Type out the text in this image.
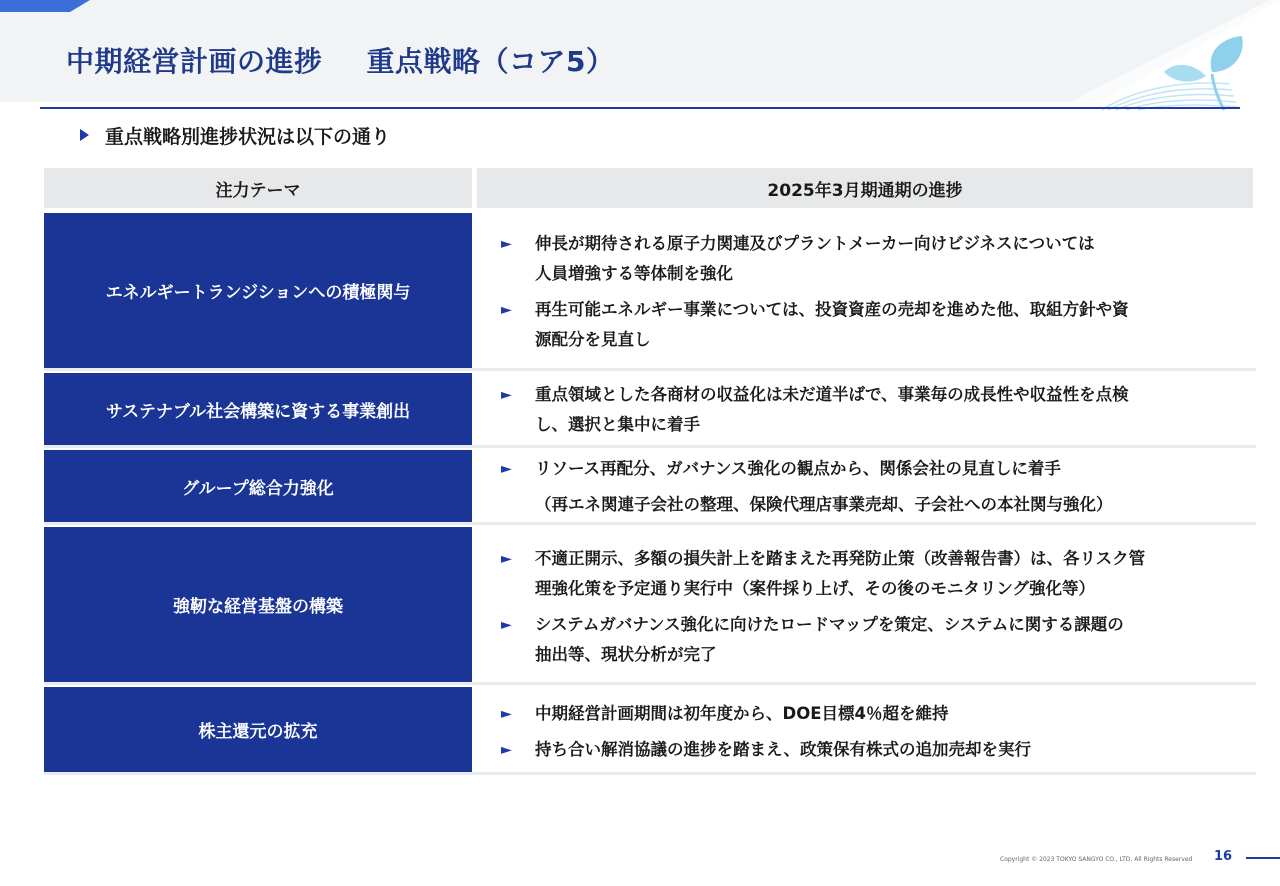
中期経営計画の進捗 重点戦略（コア5）
重点戦略別進捗状況は以下の通り
注力テーマ	2025年3月期通期の進捗
エネルギートランジションへの積極関与
►	伸長が期待される原子力関連及びプラントメーカー向けビジネスについては
人員増強する等体制を強化
►	再生可能エネルギー事業については、投資資産の売却を進めた他、取組方針や資
源配分を見直し
サステナブル社会構築に資する事業創出
►	重点領域とした各商材の収益化は未だ道半ばで、事業毎の成長性や収益性を点検
し、選択と集中に着手
グループ総合力強化
►	リソース再配分、ガバナンス強化の観点から、関係会社の見直しに着手
（再エネ関連子会社の整理、保険代理店事業売却、子会社への本社関与強化）
強靭な経営基盤の構築
►	不適正開示、多額の損失計上を踏まえた再発防止策（改善報告書）は、各リスク管
理強化策を予定通り実行中（案件採り上げ、その後のモニタリング強化等）
►	システムガバナンス強化に向けたロードマップを策定、システムに関する課題の
抽出等、現状分析が完了
株主還元の拡充
►	中期経営計画期間は初年度から、DOE目標4％超を維持
►	持ち合い解消協議の進捗を踏まえ、政策保有株式の追加売却を実行
Copyright © 2023 TOKYO SANGYO CO., LTD. All Rights Reserved 16
